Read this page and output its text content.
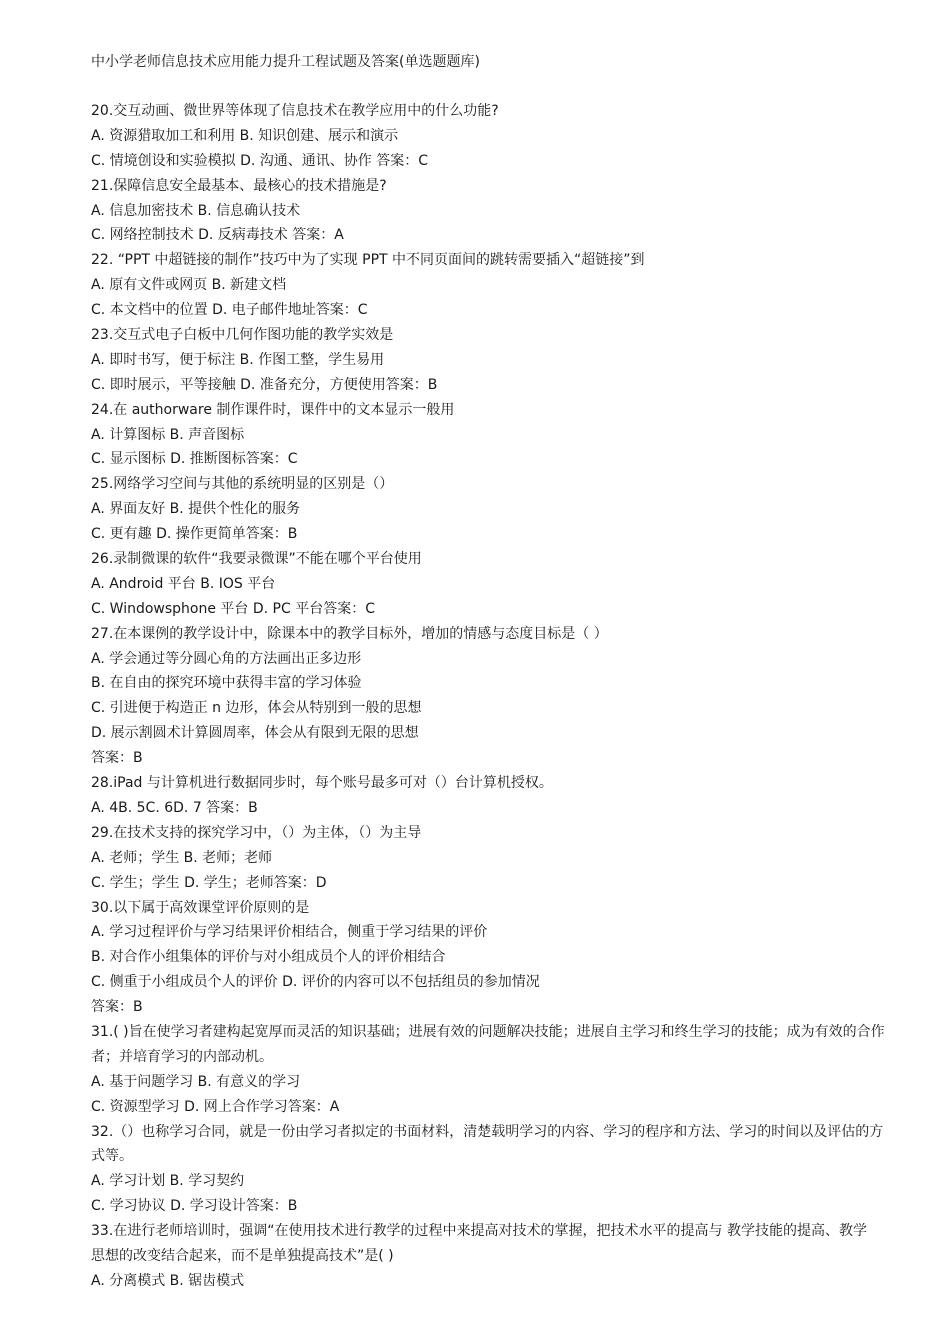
中小学老师信息技术应用能力提升工程试题及答案(单选题题库)
20.交互动画、微世界等体现了信息技术在教学应用中的什么功能?
A. 资源猎取加工和利用 B. 知识创建、展示和演示
C. 情境创设和实验模拟 D. 沟通、通讯、协作 答案：C
21.保障信息安全最基本、最核心的技术措施是?
A. 信息加密技术 B. 信息确认技术
C. 网络控制技术 D. 反病毒技术 答案：A
22. “PPT 中超链接的制作”技巧中为了实现 PPT 中不同页面间的跳转需要插入“超链接”到
A. 原有文件或网页 B. 新建文档
C. 本文档中的位置 D. 电子邮件地址答案：C
23.交互式电子白板中几何作图功能的教学实效是
A. 即时书写，便于标注 B. 作图工整，学生易用
C. 即时展示，平等接触 D. 准备充分，方便使用答案：B
24.在 authorware 制作课件时，课件中的文本显示一般用
A. 计算图标 B. 声音图标
C. 显示图标 D. 推断图标答案：C
25.网络学习空间与其他的系统明显的区别是（）
A. 界面友好 B. 提供个性化的服务
C. 更有趣 D. 操作更简单答案：B
26.录制微课的软件“我要录微课”不能在哪个平台使用
A. Android 平台 B. IOS 平台
C. Windowsphone 平台 D. PC 平台答案：C
27.在本课例的教学设计中，除课本中的教学目标外，增加的情感与态度目标是（ ）
A. 学会通过等分圆心角的方法画出正多边形
B. 在自由的探究环境中获得丰富的学习体验
C. 引进便于构造正 n 边形，体会从特别到一般的思想
D. 展示割圆术计算圆周率，体会从有限到无限的思想
答案：B
28.iPad 与计算机进行数据同步时，每个账号最多可对（）台计算机授权。
A. 4B. 5C. 6D. 7 答案：B
29.在技术支持的探究学习中，（）为主体，（）为主导
A. 老师；学生 B. 老师；老师
C. 学生；学生 D. 学生；老师答案：D
30.以下属于高效课堂评价原则的是
A. 学习过程评价与学习结果评价相结合，侧重于学习结果的评价
B. 对合作小组集体的评价与对小组成员个人的评价相结合
C. 侧重于小组成员个人的评价 D. 评价的内容可以不包括组员的参加情况
答案：B
31.( )旨在使学习者建构起宽厚而灵活的知识基础；进展有效的问题解决技能；进展自主学习和终生学习的技能；成为有效的合作
者；并培育学习的内部动机。
A. 基于问题学习 B. 有意义的学习
C. 资源型学习 D. 网上合作学习答案：A
32.（）也称学习合同，就是一份由学习者拟定的书面材料，清楚载明学习的内容、学习的程序和方法、学习的时间以及评估的方
式等。
A. 学习计划 B. 学习契约
C. 学习协议 D. 学习设计答案：B
33.在进行老师培训时，强调“在使用技术进行教学的过程中来提高对技术的掌握，把技术水平的提高与 教学技能的提高、教学
思想的改变结合起来，而不是单独提高技术”是( )
A. 分离模式 B. 锯齿模式
